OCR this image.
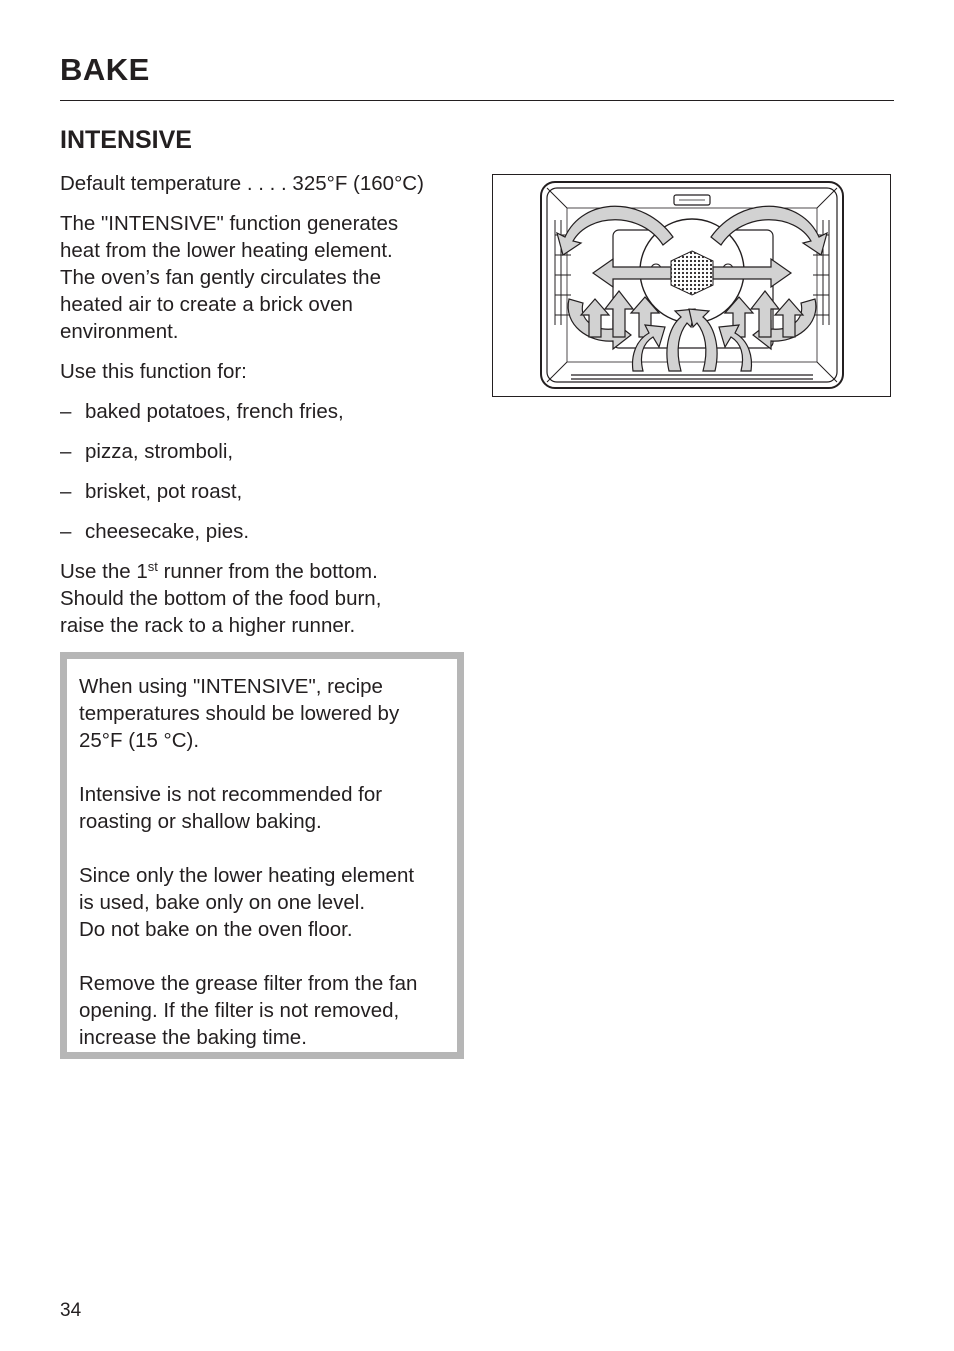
BAKE
INTENSIVE

Default temperature . . . . 325°F (160°C)

The "INTENSIVE" function generates
heat from the lower heating element.
The oven’s fan gently circulates the
heated air to create a brick oven
environment.

Use this function for:

– baked potatoes, french fries,
– pizza, stromboli,
– brisket, pot roast,
– cheesecake, pies.

Use the 1st runner from the bottom.
Should the bottom of the food burn,
raise the rack to a higher runner.

When using "INTENSIVE", recipe
temperatures should be lowered by
25°F (15 °C).

Intensive is not recommended for
roasting or shallow baking.

Since only the lower heating element
is used, bake only on one level.
Do not bake on the oven floor.

Remove the grease filter from the fan
opening. If the filter is not removed,
increase the baking time.

34
